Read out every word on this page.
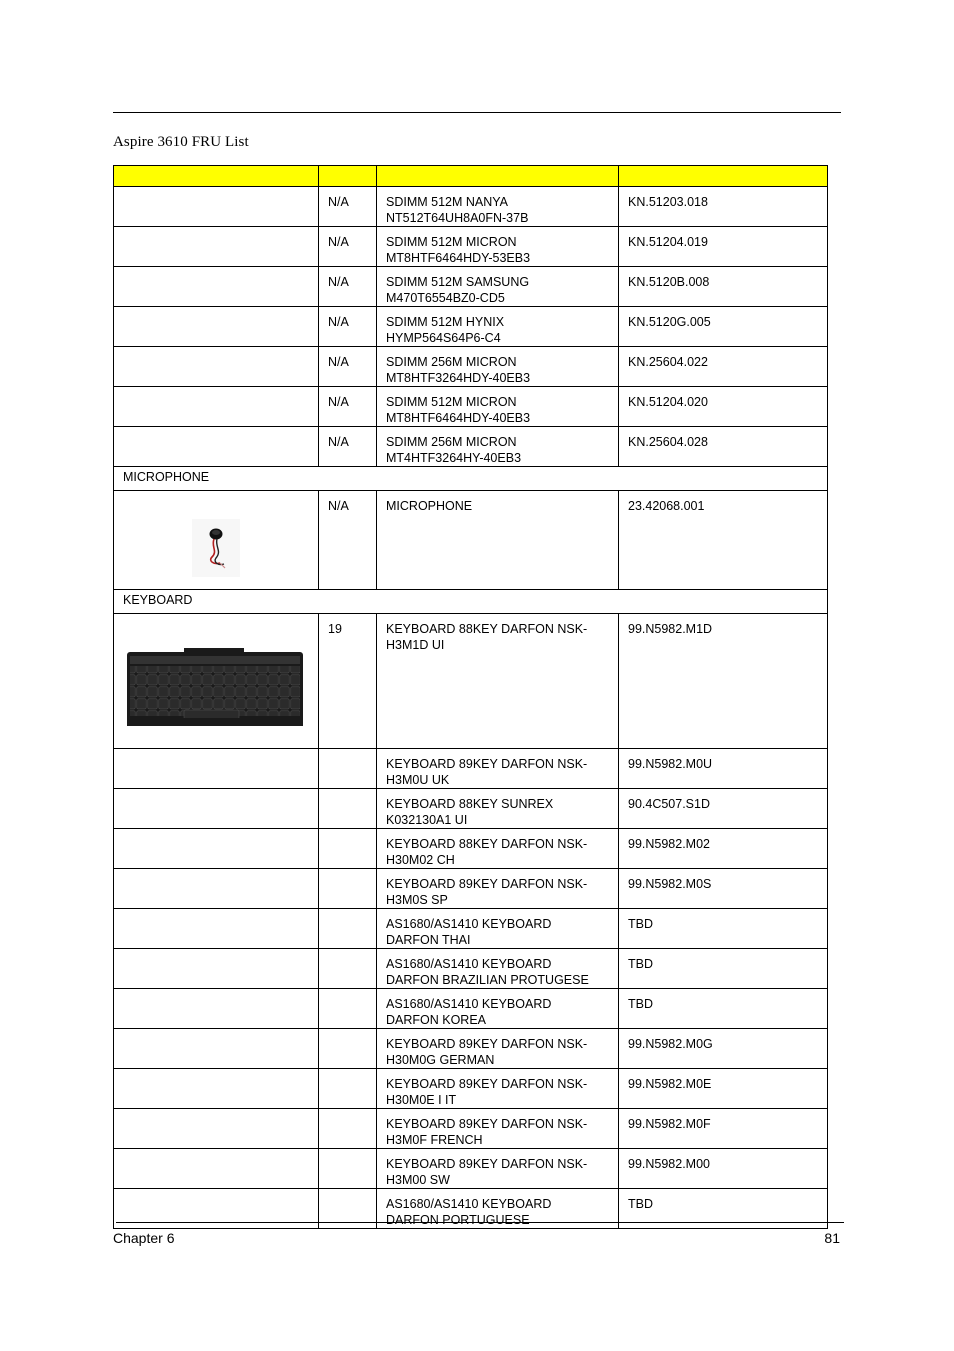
Aspire 3610 FRU List

	N/A	SDIMM 512M NANYA
NT512T64UH8A0FN-37B	KN.51203.018
	N/A	SDIMM 512M MICRON
MT8HTF6464HDY-53EB3	KN.51204.019
	N/A	SDIMM 512M SAMSUNG
M470T6554BZ0-CD5	KN.5120B.008
	N/A	SDIMM 512M HYNIX
HYMP564S64P6-C4	KN.5120G.005
	N/A	SDIMM 256M MICRON
MT8HTF3264HDY-40EB3	KN.25604.022
	N/A	SDIMM 512M MICRON
MT8HTF6464HDY-40EB3	KN.51204.020
	N/A	SDIMM 256M MICRON
MT4HTF3264HY-40EB3	KN.25604.028
MICROPHONE			

	N/A	MICROPHONE	23.42068.001
KEYBOARD			

	19	KEYBOARD 88KEY DARFON NSK-
H3M1D UI	99.N5982.M1D

		KEYBOARD 89KEY DARFON NSK-
H3M0U UK	99.N5982.M0U

		KEYBOARD 88KEY SUNREX
K032130A1 UI	90.4C507.S1D

		KEYBOARD 88KEY DARFON NSK-
H30M02 CH	99.N5982.M02

		KEYBOARD 89KEY DARFON NSK-
H3M0S SP	99.N5982.M0S

		AS1680/AS1410 KEYBOARD
DARFON THAI	TBD

		AS1680/AS1410 KEYBOARD
DARFON BRAZILIAN PROTUGESE	TBD

		AS1680/AS1410 KEYBOARD
DARFON KOREA	TBD

		KEYBOARD 89KEY DARFON NSK-
H30M0G GERMAN	99.N5982.M0G

		KEYBOARD 89KEY DARFON NSK-
H30M0E I IT	99.N5982.M0E

		KEYBOARD 89KEY DARFON NSK-
H3M0F FRENCH	99.N5982.M0F

		KEYBOARD 89KEY DARFON NSK-
H3M00 SW	99.N5982.M00

		AS1680/AS1410 KEYBOARD
DARFON PORTUGUESE	TBD
Chapter 6	81
